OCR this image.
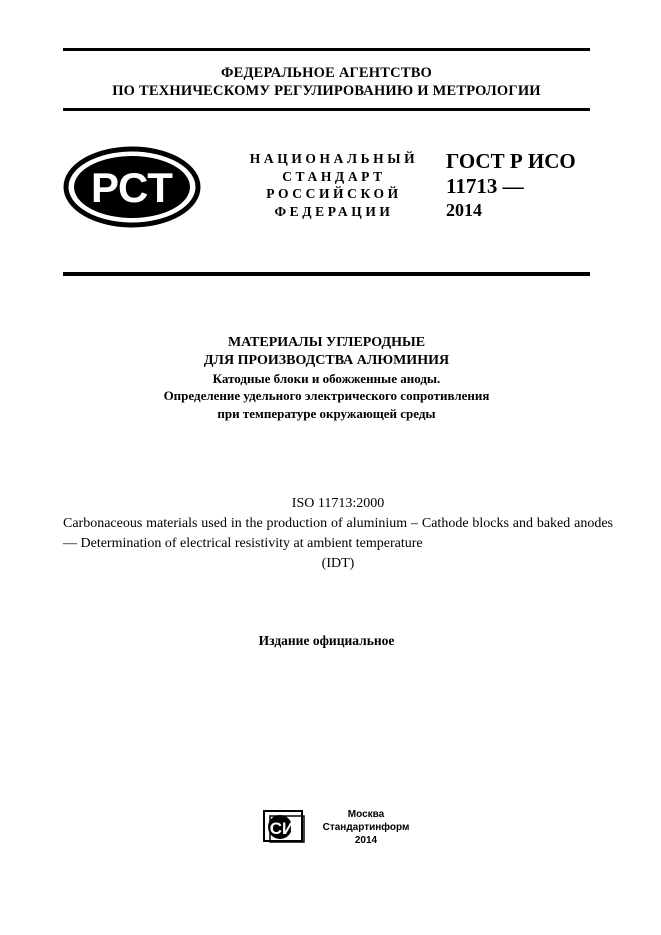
ФЕДЕРАЛЬНОЕ АГЕНТСТВО
ПО ТЕХНИЧЕСКОМУ РЕГУЛИРОВАНИЮ И МЕТРОЛОГИИ
РСТ
НАЦИОНАЛЬНЫЙ
СТАНДАРТ
РОССИЙСКОЙ
ФЕДЕРАЦИИ
ГОСТ Р ИСО
11713 —
2014
МАТЕРИАЛЫ УГЛЕРОДНЫЕ
ДЛЯ ПРОИЗВОДСТВА АЛЮМИНИЯ
Катодные блоки и обожженные аноды.
Определение удельного электрического сопротивления
при температуре окружающей среды
ISO 11713:2000
Carbonaceous materials used in the production of aluminium – Cathode blocks and baked anodes — Determination of electrical resistivity at ambient temperature
(IDT)
Издание официальное
СИ
Москва
Стандартинформ
2014
